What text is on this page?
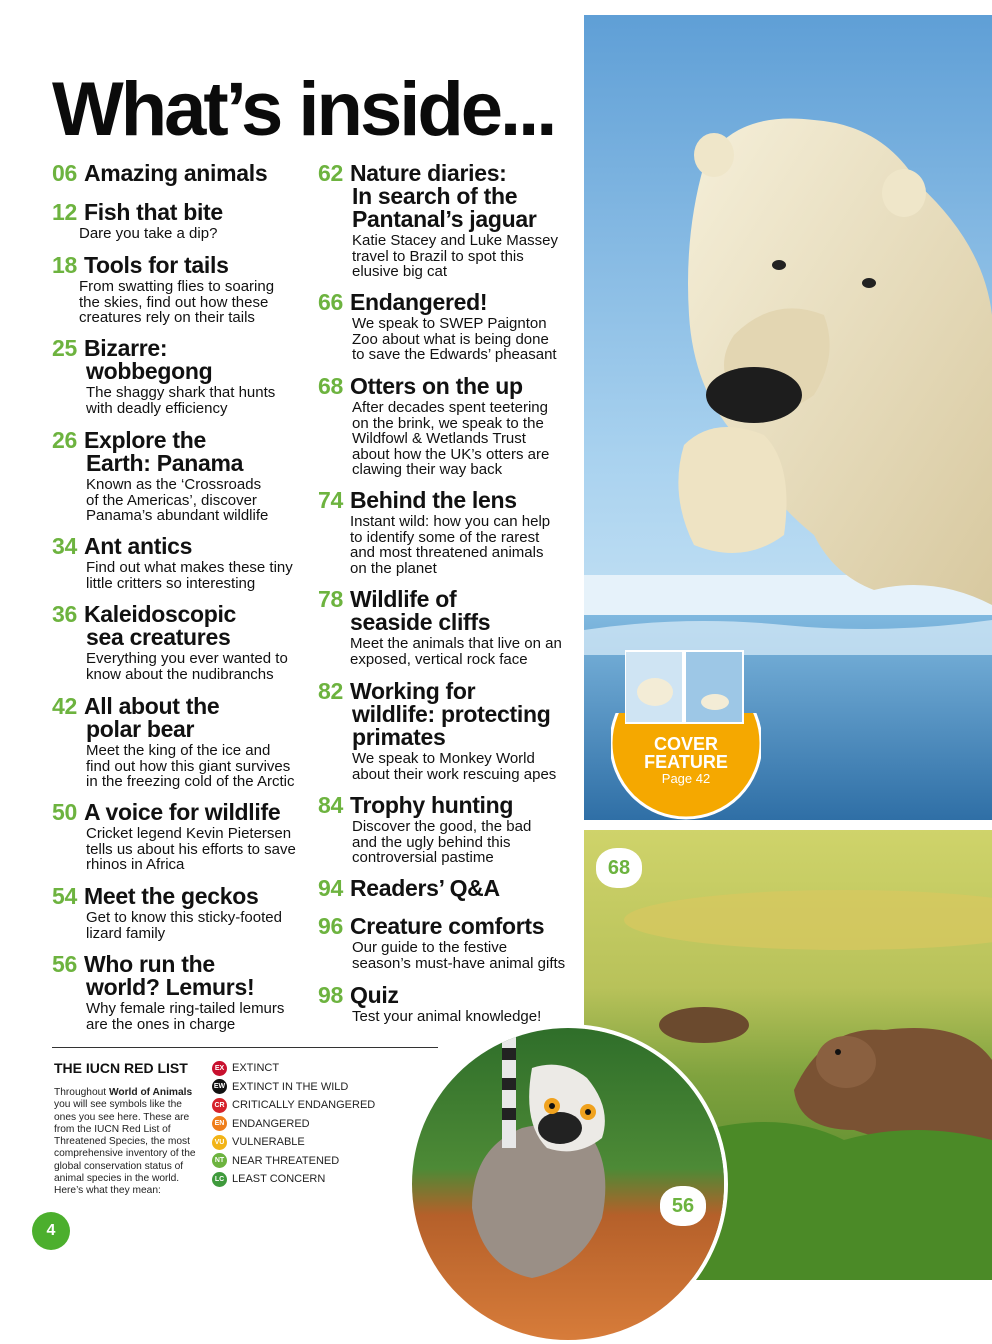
What’s inside...
06 Amazing animals
12 Fish that bite
Dare you take a dip?
18 Tools for tails
From swatting flies to soaring
the skies, find out how these
creatures rely on their tails
25 Bizarre:
wobbegong
The shaggy shark that hunts
with deadly efficiency
26 Explore the
Earth: Panama
Known as the ‘Crossroads
of the Americas’, discover
Panama’s abundant wildlife
34 Ant antics
Find out what makes these tiny
little critters so interesting
36 Kaleidoscopic
sea creatures
Everything you ever wanted to
know about the nudibranchs
42 All about the
polar bear
Meet the king of the ice and
find out how this giant survives
in the freezing cold of the Arctic
50 A voice for wildlife
Cricket legend Kevin Pietersen
tells us about his efforts to save
rhinos in Africa
54 Meet the geckos
Get to know this sticky-footed
lizard family
56 Who run the
world? Lemurs!
Why female ring-tailed lemurs
are the ones in charge
62 Nature diaries:
In search of the
Pantanal’s jaguar
Katie Stacey and Luke Massey
travel to Brazil to spot this
elusive big cat
66 Endangered!
We speak to SWEP Paignton
Zoo about what is being done
to save the Edwards’ pheasant
68 Otters on the up
After decades spent teetering
on the brink, we speak to the
Wildfowl & Wetlands Trust
about how the UK’s otters are
clawing their way back
74 Behind the lens
Instant wild: how you can help
to identify some of the rarest
and most threatened animals
on the planet
78 Wildlife of
seaside cliffs
Meet the animals that live on an
exposed, vertical rock face
82 Working for
wildlife: protecting
primates
We speak to Monkey World
about their work rescuing apes
84 Trophy hunting
Discover the good, the bad
and the ugly behind this
controversial pastime
94 Readers’ Q&A
96 Creature comforts
Our guide to the festive
season’s must-have animal gifts
98 Quiz
Test your animal knowledge!
THE IUCN RED LIST
Throughout World of Animals you will see symbols like the ones you see here. These are from the IUCN Red List of Threatened Species, the most comprehensive inventory of the global conservation status of animal species in the world. Here’s what they mean:
EX EXTINCT
EW EXTINCT IN THE WILD
CR CRITICALLY ENDANGERED
EN ENDANGERED
VU VULNERABLE
NT NEAR THREATENED
LC LEAST CONCERN
4
COVER
FEATURE
Page 42
68
56
